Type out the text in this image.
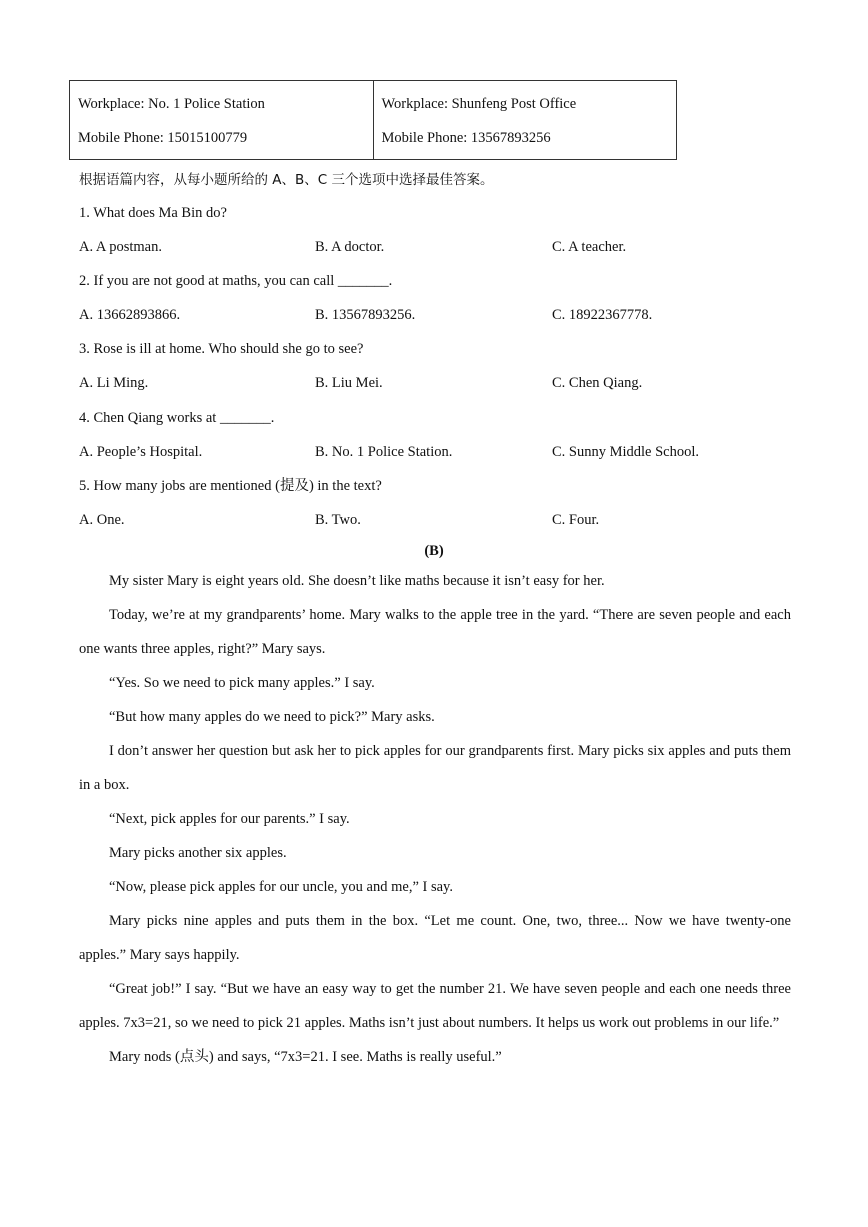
Workplace: No. 1 Police Station
Mobile Phone: 15015100779

Workplace: Shunfeng Post Office
Mobile Phone: 13567893256
根据语篇内容，从每小题所给的 A、B、C 三个选项中选择最佳答案。
1. What does Ma Bin do?
A. A postman.	B. A doctor.	C. A teacher.
2. If you are not good at maths, you can call _______.
A. 13662893866.	B. 13567893256.	C. 18922367778.
3. Rose is ill at home. Who should she go to see?
A. Li Ming.	B. Liu Mei.	C. Chen Qiang.
4. Chen Qiang works at _______.
A. People’s Hospital.	B. No. 1 Police Station.	C. Sunny Middle School.
5. How many jobs are mentioned (提及) in the text?
A. One.	B. Two.	C. Four.
(B)

My sister Mary is eight years old. She doesn’t like maths because it isn’t easy for her.

Today, we’re at my grandparents’ home. Mary walks to the apple tree in the yard. “There are seven people and each one wants three apples, right?” Mary says.

“Yes. So we need to pick many apples.” I say.

“But how many apples do we need to pick?” Mary asks.

I don’t answer her question but ask her to pick apples for our grandparents first. Mary picks six apples and puts them in a box.

“Next, pick apples for our parents.” I say.

Mary picks another six apples.

“Now, please pick apples for our uncle, you and me,” I say.

Mary picks nine apples and puts them in the box. “Let me count. One, two, three... Now we have twenty-one apples.” Mary says happily.

“Great job!” I say. “But we have an easy way to get the number 21. We have seven people and each one needs three apples. 7x3=21, so we need to pick 21 apples. Maths isn’t just about numbers. It helps us work out problems in our life.”

Mary nods (点头) and says, “7x3=21. I see. Maths is really useful.”
